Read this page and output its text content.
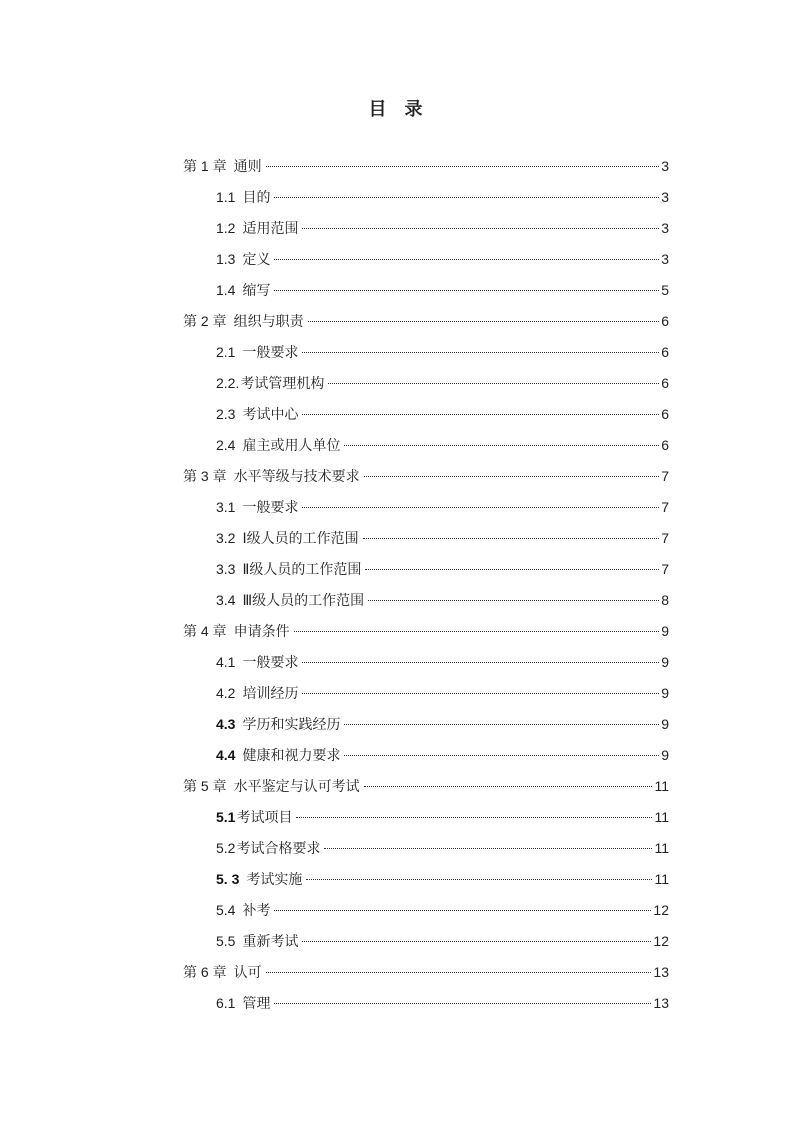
目 录
第 1 章 通则	3
1.1 目的	3
1.2 适用范围	3
1.3 定义	3
1.4 缩写	5
第 2 章 组织与职责	6
2.1 一般要求	6
2.2. 考试管理机构	6
2.3 考试中心	6
2.4 雇主或用人单位	6
第 3 章 水平等级与技术要求	7
3.1 一般要求	7
3.2 Ⅰ级人员的工作范围	7
3.3 Ⅱ级人员的工作范围	7
3.4 Ⅲ级人员的工作范围	8
第 4 章 申请条件	9
4.1 一般要求	9
4.2 培训经历	9
4.3 学历和实践经历	9
4.4 健康和视力要求	9
第 5 章 水平鉴定与认可考试	11
5.1 考试项目	11
5.2 考试合格要求	11
5. 3 考试实施	11
5.4 补考	12
5.5 重新考试	12
第 6 章 认可	13
6.1 管理	13
